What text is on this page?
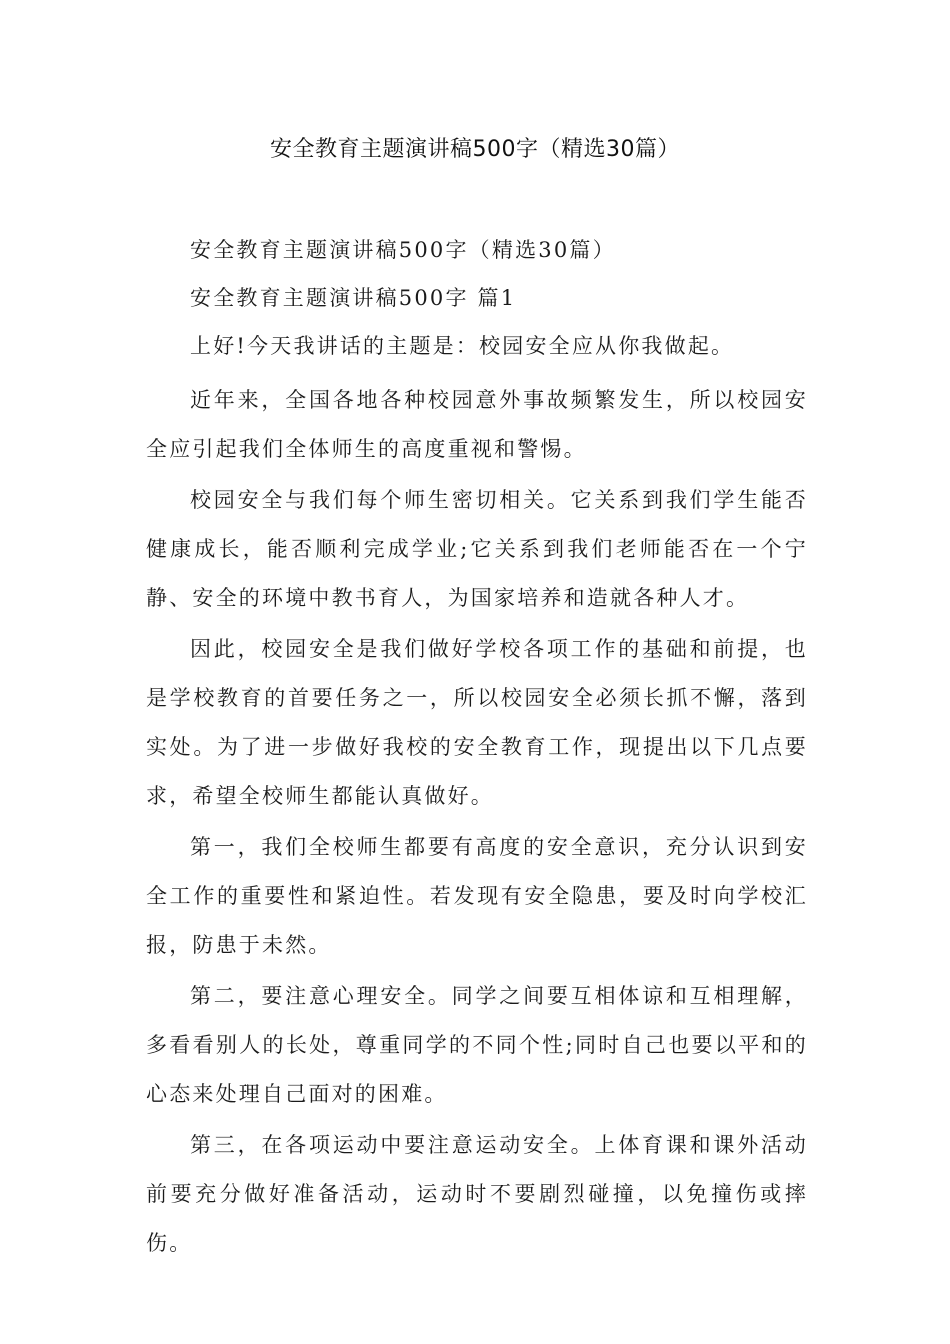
安全教育主题演讲稿500字（精选30篇）

安全教育主题演讲稿500字（精选30篇）

安全教育主题演讲稿500字 篇1

上好!今天我讲话的主题是：校园安全应从你我做起。

近年来，全国各地各种校园意外事故频繁发生，所以校园安全应引起我们全体师生的高度重视和警惕。

校园安全与我们每个师生密切相关。它关系到我们学生能否健康成长，能否顺利完成学业;它关系到我们老师能否在一个宁静、安全的环境中教书育人，为国家培养和造就各种人才。

因此，校园安全是我们做好学校各项工作的基础和前提，也是学校教育的首要任务之一，所以校园安全必须长抓不懈，落到实处。为了进一步做好我校的安全教育工作，现提出以下几点要求，希望全校师生都能认真做好。

第一，我们全校师生都要有高度的安全意识，充分认识到安全工作的重要性和紧迫性。若发现有安全隐患，要及时向学校汇报，防患于未然。

第二，要注意心理安全。同学之间要互相体谅和互相理解，多看看别人的长处，尊重同学的不同个性;同时自己也要以平和的心态来处理自己面对的困难。

第三，在各项运动中要注意运动安全。上体育课和课外活动前要充分做好准备活动，运动时不要剧烈碰撞，以免撞伤或摔伤。
